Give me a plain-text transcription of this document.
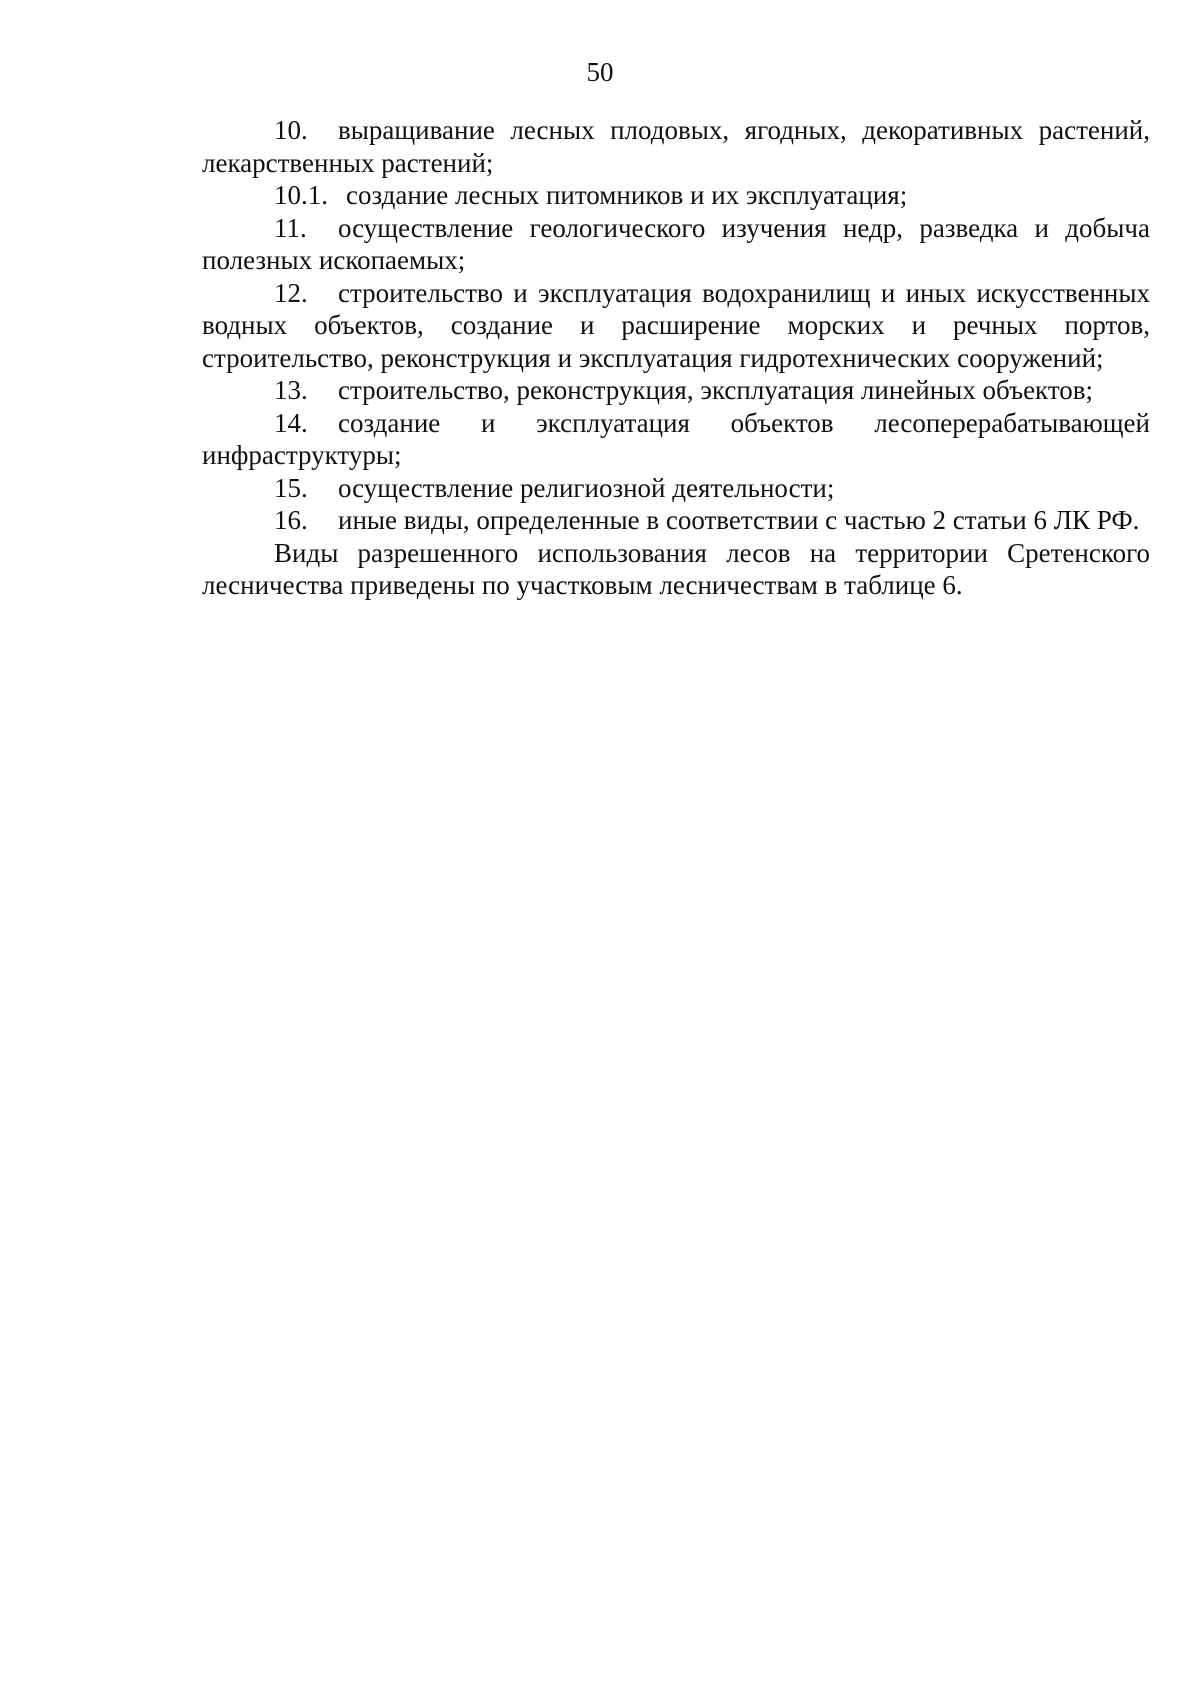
50

10. выращивание лесных плодовых, ягодных, декоративных растений, лекарственных растений;

10.1. создание лесных питомников и их эксплуатация;

11. осуществление геологического изучения недр, разведка и добыча полезных ископаемых;

12. строительство и эксплуатация водохранилищ и иных искусственных водных объектов, создание и расширение морских и речных портов, строительство, реконструкция и эксплуатация гидротехнических сооружений;

13. строительство, реконструкция, эксплуатация линейных объектов;

14. создание и эксплуатация объектов лесоперерабатывающей инфраструктуры;

15. осуществление религиозной деятельности;

16. иные виды, определенные в соответствии с частью 2 статьи 6 ЛК РФ.

Виды разрешенного использования лесов на территории Сретенского лесничества приведены по участковым лесничествам в таблице 6.
